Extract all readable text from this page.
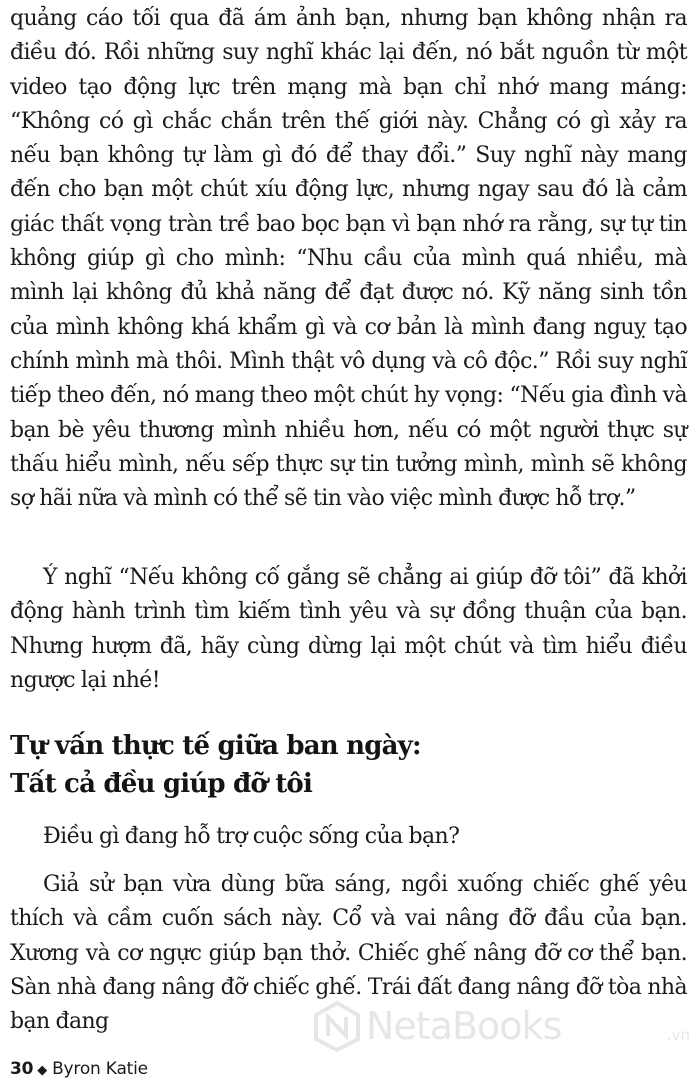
quảng cáo tối qua đã ám ảnh bạn, nhưng bạn không nhận ra điều đó. Rồi những suy nghĩ khác lại đến, nó bắt nguồn từ một video tạo động lực trên mạng mà bạn chỉ nhớ mang máng: “Không có gì chắc chắn trên thế giới này. Chẳng có gì xảy ra nếu bạn không tự làm gì đó để thay đổi.” Suy nghĩ này mang đến cho bạn một chút xíu động lực, nhưng ngay sau đó là cảm giác thất vọng tràn trề bao bọc bạn vì bạn nhớ ra rằng, sự tự tin không giúp gì cho mình: “Nhu cầu của mình quá nhiều, mà mình lại không đủ khả năng để đạt được nó. Kỹ năng sinh tồn của mình không khá khẩm gì và cơ bản là mình đang nguỵ tạo chính mình mà thôi. Mình thật vô dụng và cô độc.” Rồi suy nghĩ tiếp theo đến, nó mang theo một chút hy vọng: “Nếu gia đình và bạn bè yêu thương mình nhiều hơn, nếu có một người thực sự thấu hiểu mình, nếu sếp thực sự tin tưởng mình, mình sẽ không sợ hãi nữa và mình có thể sẽ tin vào việc mình được hỗ trợ.”

Ý nghĩ “Nếu không cố gắng sẽ chẳng ai giúp đỡ tôi” đã khởi động hành trình tìm kiếm tình yêu và sự đồng thuận của bạn. Nhưng hượm đã, hãy cùng dừng lại một chút và tìm hiểu điều ngược lại nhé!

Tự vấn thực tế giữa ban ngày:
Tất cả đều giúp đỡ tôi

Điều gì đang hỗ trợ cuộc sống của bạn?

Giả sử bạn vừa dùng bữa sáng, ngồi xuống chiếc ghế yêu thích và cầm cuốn sách này. Cổ và vai nâng đỡ đầu của bạn. Xương và cơ ngực giúp bạn thở. Chiếc ghế nâng đỡ cơ thể bạn. Sàn nhà đang nâng đỡ chiếc ghế. Trái đất đang nâng đỡ tòa nhà bạn đang	NetaBooks	.vn
30 ◆ Byron Katie
